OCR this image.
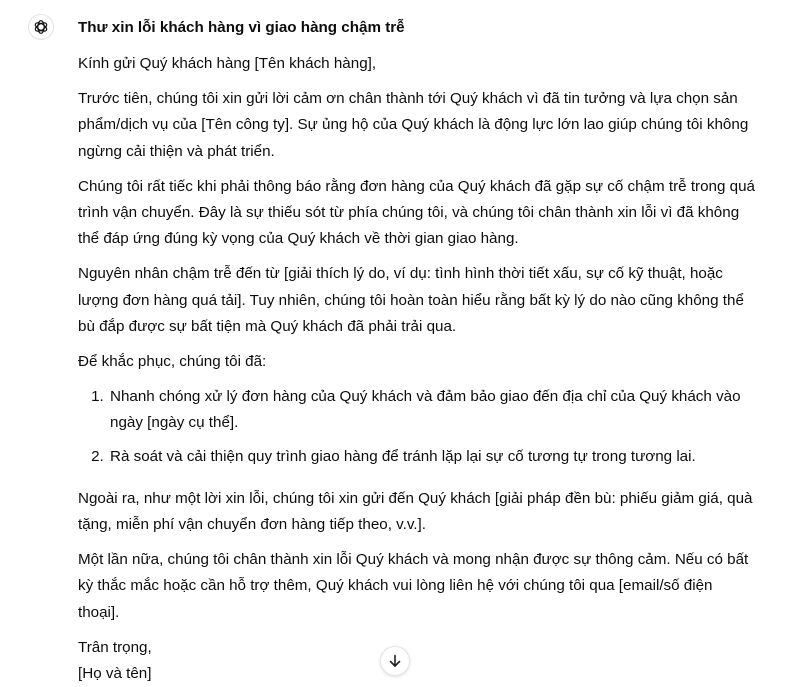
Thư xin lỗi khách hàng vì giao hàng chậm trễ

Kính gửi Quý khách hàng [Tên khách hàng],

Trước tiên, chúng tôi xin gửi lời cảm ơn chân thành tới Quý khách vì đã tin tưởng và lựa chọn sản phẩm/dịch vụ của [Tên công ty]. Sự ủng hộ của Quý khách là động lực lớn lao giúp chúng tôi không ngừng cải thiện và phát triển.

Chúng tôi rất tiếc khi phải thông báo rằng đơn hàng của Quý khách đã gặp sự cố chậm trễ trong quá trình vận chuyển. Đây là sự thiếu sót từ phía chúng tôi, và chúng tôi chân thành xin lỗi vì đã không thể đáp ứng đúng kỳ vọng của Quý khách về thời gian giao hàng.

Nguyên nhân chậm trễ đến từ [giải thích lý do, ví dụ: tình hình thời tiết xấu, sự cố kỹ thuật, hoặc lượng đơn hàng quá tải]. Tuy nhiên, chúng tôi hoàn toàn hiểu rằng bất kỳ lý do nào cũng không thể bù đắp được sự bất tiện mà Quý khách đã phải trải qua.

Để khắc phục, chúng tôi đã:

1. Nhanh chóng xử lý đơn hàng của Quý khách và đảm bảo giao đến địa chỉ của Quý khách vào ngày [ngày cụ thể].
2. Rà soát và cải thiện quy trình giao hàng để tránh lặp lại sự cố tương tự trong tương lai.

Ngoài ra, như một lời xin lỗi, chúng tôi xin gửi đến Quý khách [giải pháp đền bù: phiếu giảm giá, quà tặng, miễn phí vận chuyển đơn hàng tiếp theo, v.v.].

Một lần nữa, chúng tôi chân thành xin lỗi Quý khách và mong nhận được sự thông cảm. Nếu có bất kỳ thắc mắc hoặc cần hỗ trợ thêm, Quý khách vui lòng liên hệ với chúng tôi qua [email/số điện thoại].

Trân trọng,
[Họ và tên]
